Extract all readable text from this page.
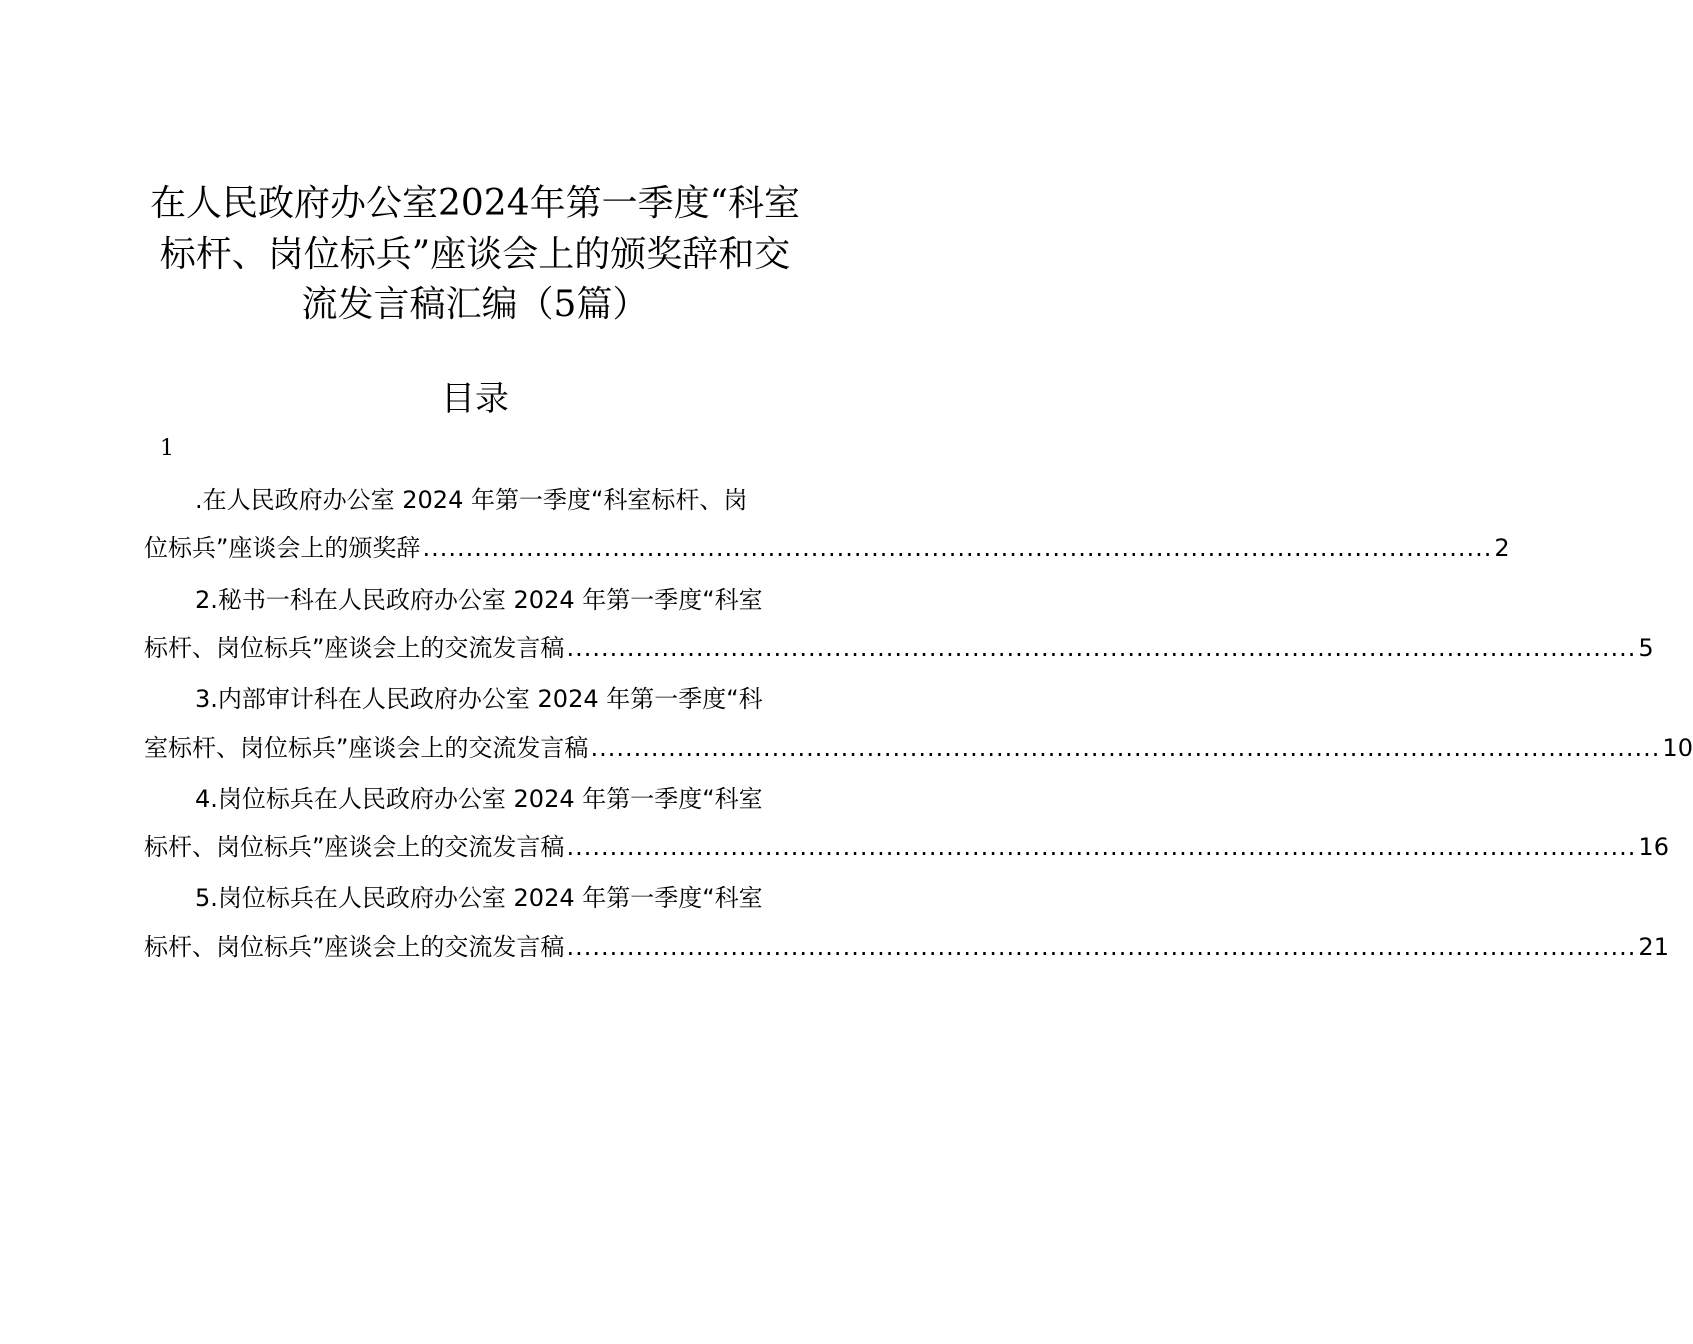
在人民政府办公室2024年第一季度“科室
标杆、岗位标兵”座谈会上的颁奖辞和交
流发言稿汇编（5篇）
目录
1
.在人民政府办公室 2024 年第一季度“科室标杆、岗
位标兵”座谈会上的颁奖辞 ............................................................................................................................ 2
2.秘书一科在人民政府办公室 2024 年第一季度“科室
标杆、岗位标兵”座谈会上的交流发言稿 ............................................................................................................................ 5
3.内部审计科在人民政府办公室 2024 年第一季度“科
室标杆、岗位标兵”座谈会上的交流发言稿 ............................................................................................................................ 10
4.岗位标兵在人民政府办公室 2024 年第一季度“科室
标杆、岗位标兵”座谈会上的交流发言稿 ............................................................................................................................ 16
5.岗位标兵在人民政府办公室 2024 年第一季度“科室
标杆、岗位标兵”座谈会上的交流发言稿 ............................................................................................................................ 21
